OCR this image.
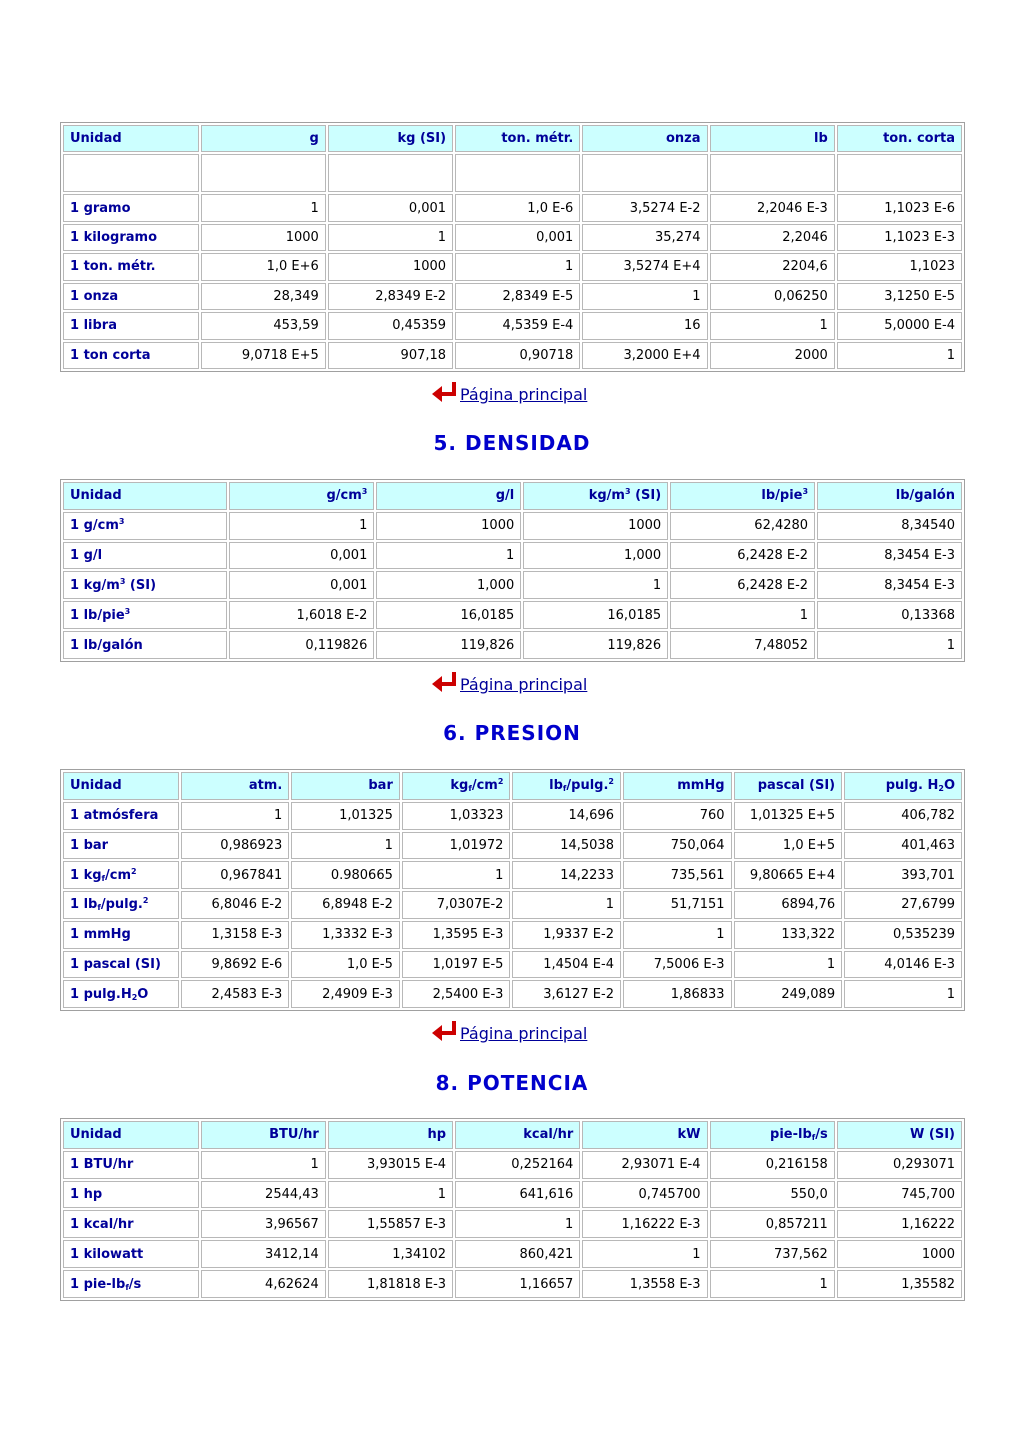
Unidad	g	kg (SI)	ton. métr.	onza	lb	ton. corta

1 gramo	1	0,001	1,0 E-6	3,5274 E-2	2,2046 E-3	1,1023 E-6
1 kilogramo	1000	1	0,001	35,274	2,2046	1,1023 E-3
1 ton. métr.	1,0 E+6	1000	1	3,5274 E+4	2204,6	1,1023
1 onza	28,349	2,8349 E-2	2,8349 E-5	1	0,06250	3,1250 E-5
1 libra	453,59	0,45359	4,5359 E-4	16	1	5,0000 E-4
1 ton corta	9,0718 E+5	907,18	0,90718	3,2000 E+4	2000	1
Página principal
5. DENSIDAD
Unidad	$g/cm^3$	g/l	$kg/m^3$ (SI)	lb/pie$^3$	lb/galón
1 $g/cm^3$	1	1000	1000	62,4280	8,34540
1 g/l	0,001	1	1,000	6,2428 E-2	8,3454 E-3
1 $kg/m^3$ (SI)	0,001	1,000	1	6,2428 E-2	8,3454 E-3
1 lb/pie$^3$	1,6018 E-2	16,0185	16,0185	1	0,13368
1 lb/galón	0,119826	119,826	119,826	7,48052	1
Página principal
6. PRESION
Unidad	atm.	bar	$kg_f/cm^2$	$lb_f/pulg.^2$	mmHg	pascal (SI)	pulg. $H_2O$
1 atmósfera	1	1,01325	1,03323	14,696	760	1,01325 E+5	406,782
1 bar	0,986923	1	1,01972	14,5038	750,064	1,0 E+5	401,463
1 $kg_f/cm^2$	0,967841	0.980665	1	14,2233	735,561	9,80665 E+4	393,701
1 $lb_f/pulg.^2$	6,8046 E-2	6,8948 E-2	7,0307E-2	1	51,7151	6894,76	27,6799
1 mmHg	1,3158 E-3	1,3332 E-3	1,3595 E-3	1,9337 E-2	1	133,322	0,535239
1 pascal (SI)	9,8692 E-6	1,0 E-5	1,0197 E-5	1,4504 E-4	7,5006 E-3	1	4,0146 E-3
1 $pulg.H_2O$	2,4583 E-3	2,4909 E-3	2,5400 E-3	3,6127 E-2	1,86833	249,089	1
Página principal
8. POTENCIA
Unidad	BTU/hr	hp	kcal/hr	kW	pie-$lb_f/s$	W (SI)
1 BTU/hr	1	3,93015 E-4	0,252164	2,93071 E-4	0,216158	0,293071
1 hp	2544,43	1	641,616	0,745700	550,0	745,700
1 kcal/hr	3,96567	1,55857 E-3	1	1,16222 E-3	0,857211	1,16222
1 kilowatt	3412,14	1,34102	860,421	1	737,562	1000
1 pie-$lb_f/s$	4,62624	1,81818 E-3	1,16657	1,3558 E-3	1	1,35582
